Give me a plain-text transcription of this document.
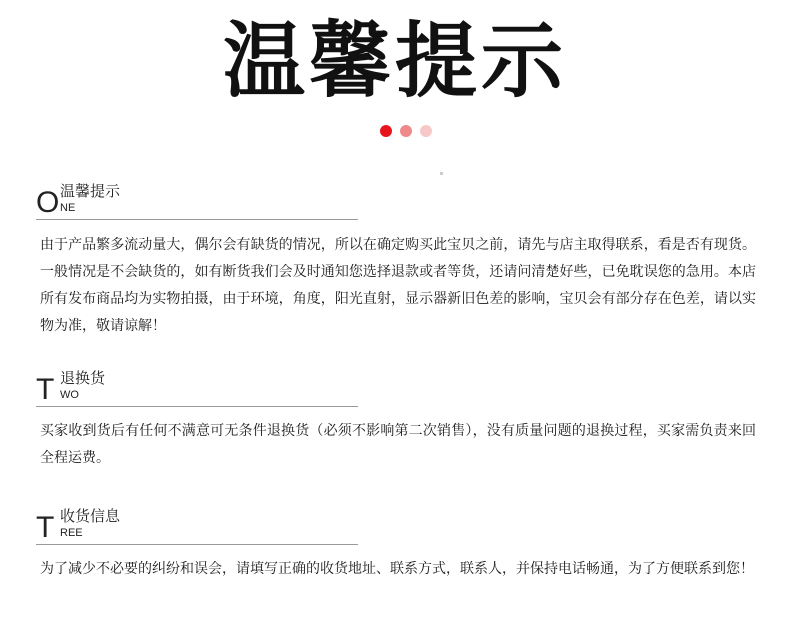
温馨提示
O 温馨提示
NE
由于产品繁多流动量大，偶尔会有缺货的情况，所以在确定购买此宝贝之前，请先与店主取得联系，看是否有现货。一般情况是不会缺货的，如有断货我们会及时通知您选择退款或者等货，还请问清楚好些，已免耽误您的急用。本店所有发布商品均为实物拍摄，由于环境，角度，阳光直射，显示器新旧色差的影响，宝贝会有部分存在色差，请以实物为准，敬请谅解！
T 退换货
WO
买家收到货后有任何不满意可无条件退换货（必须不影响第二次销售），没有质量问题的退换过程，买家需负责来回全程运费。
T 收货信息
REE
为了减少不必要的纠纷和误会，请填写正确的收货地址、联系方式，联系人，并保持电话畅通，为了方便联系到您！
